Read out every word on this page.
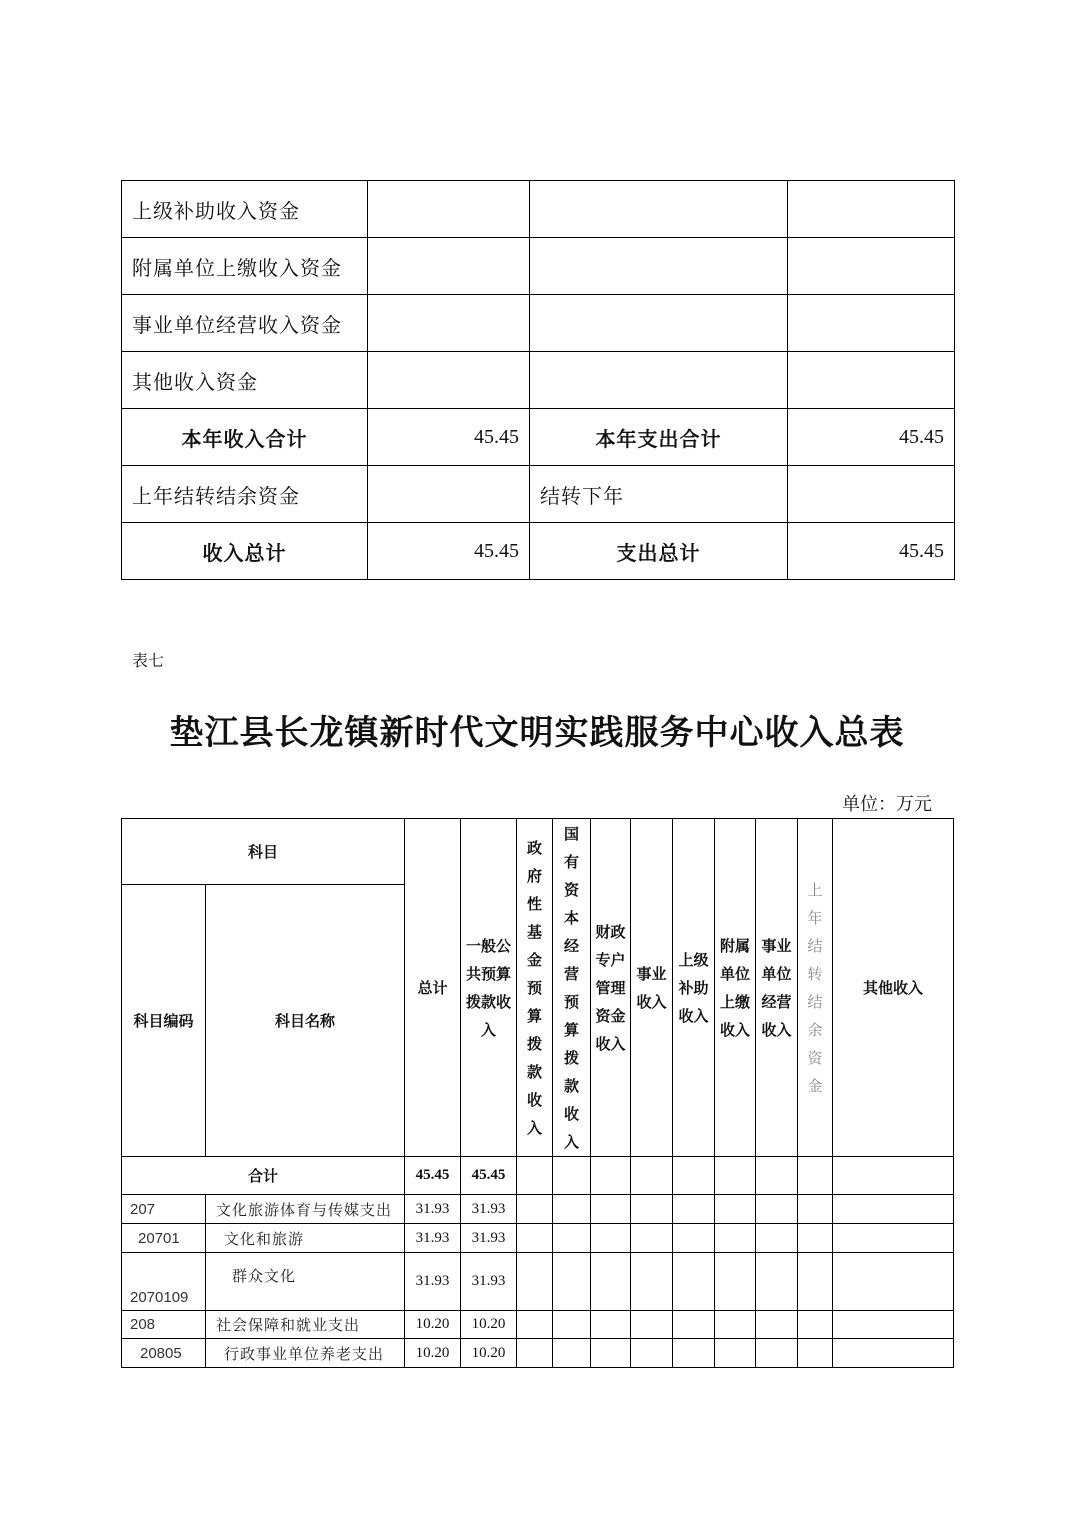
上级补助收入资金			
附属单位上缴收入资金			
事业单位经营收入资金			
其他收入资金			
本年收入合计	45.45	本年支出合计	45.45
上年结转结余资金		结转下年	
收入总计	45.45	支出总计	45.45
表七
垫江县长龙镇新时代文明实践服务中心收入总表
单位：万元
科目		总计	一般公共预算拨款收入	政府性基金预算拨款收入	国有资本经营预算拨款收入	财政专户管理资金收入	事业收入	上级补助收入	附属单位上缴收入	事业单位经营收入	上年结转结余资金	其他收入
科目编码	科目名称											
合计		45.45	45.45									
207	文化旅游体育与传媒支出	31.93	31.93									
20701	文化和旅游	31.93	31.93									
2070109	群众文化	31.93	31.93									
208	社会保障和就业支出	10.20	10.20									
20805	行政事业单位养老支出	10.20	10.20									
